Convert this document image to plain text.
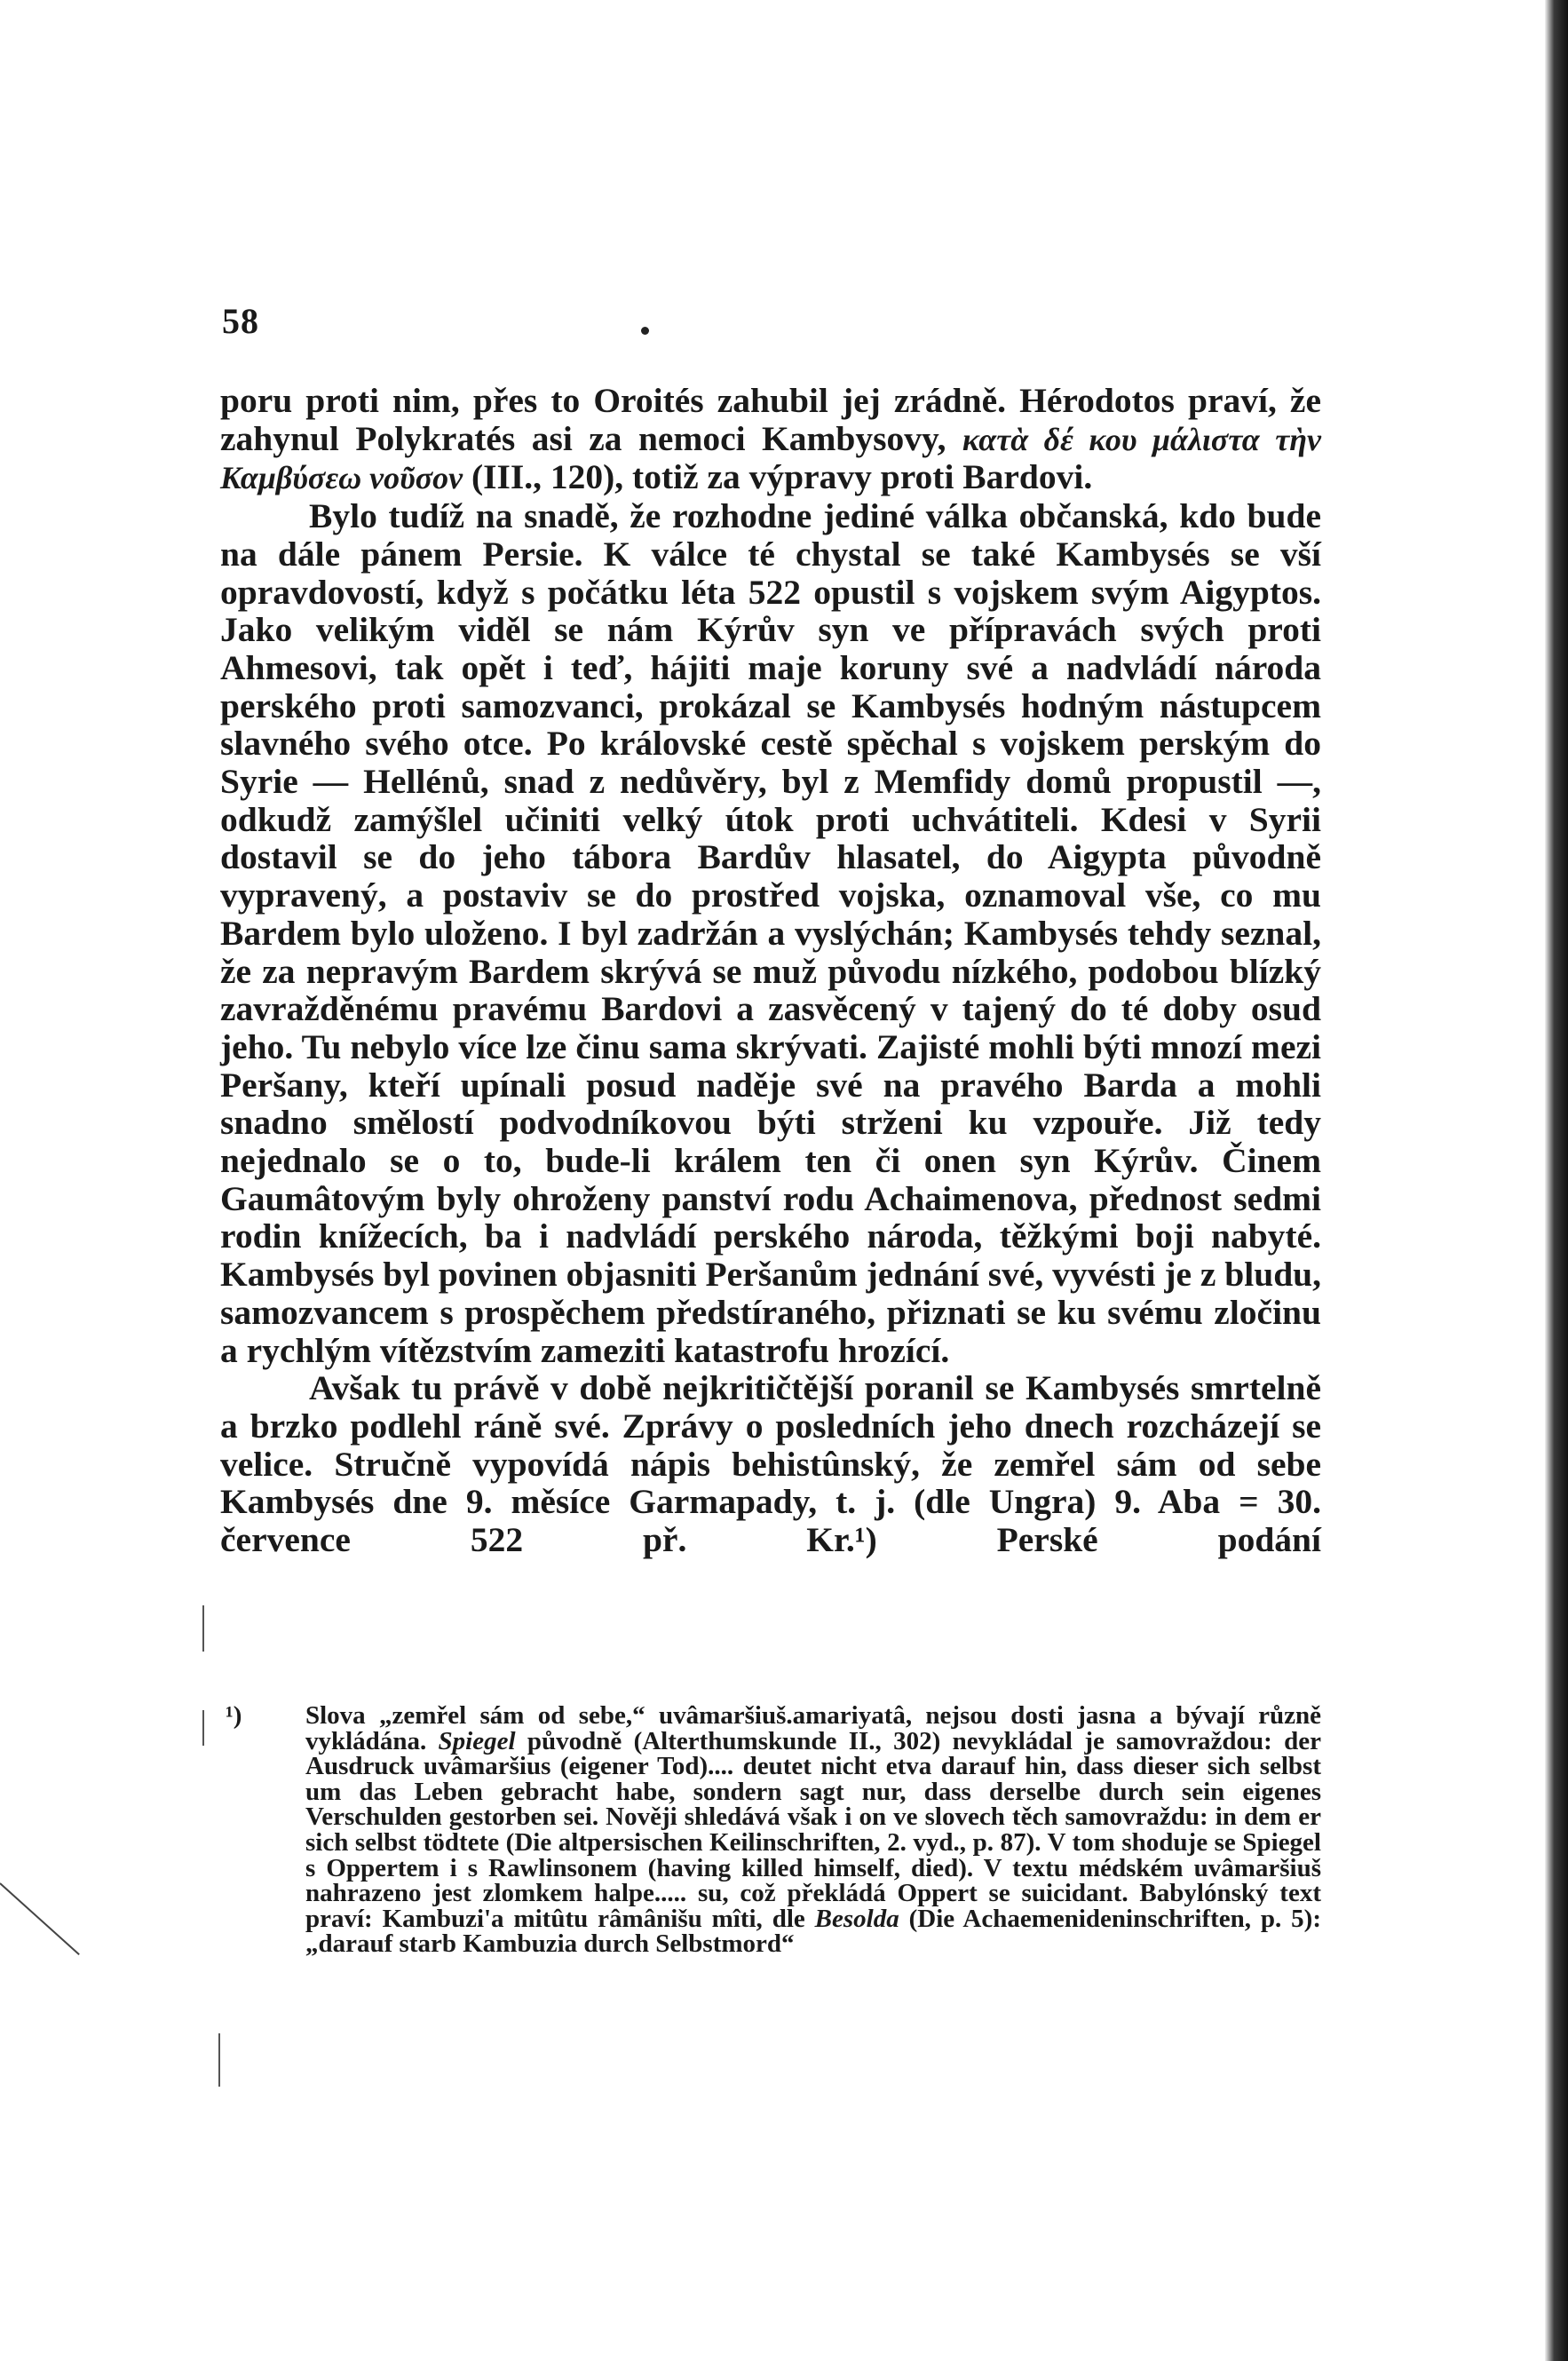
58

poru proti nim, přes to Oroités zahubil jej zrádně. Hérodotos praví, že zahynul Polykratés asi za nemoci Kambysovy, κατὰ δέ κου μάλιστα τὴν Καμβύσεω νοῦσον (III., 120), totiž za výpravy proti Bardovi.

Bylo tudíž na snadě, že rozhodne jediné válka občanská, kdo bude na dále pánem Persie. K válce té chystal se také Kambysés se vší opravdovostí, když s počátku léta 522 opustil s vojskem svým Aigyptos. Jako velikým viděl se nám Kýrův syn ve přípravách svých proti Ahmesovi, tak opět i teď, hájiti maje koruny své a nadvládí národa perského proti samozvanci, prokázal se Kambysés hodným nástupcem slavného svého otce. Po královské cestě spěchal s vojskem perským do Syrie — Hellénů, snad z nedůvěry, byl z Memfidy domů propustil —, odkudž zamýšlel učiniti velký útok proti uchvátiteli. Kdesi v Syrii dostavil se do jeho tábora Bardův hlasatel, do Aigypta původně vypravený, a postaviv se do prostřed vojska, oznamoval vše, co mu Bardem bylo uloženo. I byl zadržán a vyslýchán; Kambysés tehdy seznal, že za nepravým Bardem skrývá se muž původu nízkého, podobou blízký zavražděnému pravému Bardovi a zasvěcený v tajený do té doby osud jeho. Tu nebylo více lze činu sama skrývati. Zajisté mohli býti mnozí mezi Peršany, kteří upínali posud naděje své na pravého Barda a mohli snadno smělostí podvodníkovou býti strženi ku vzpouře. Již tedy nejednalo se o to, bude-li králem ten či onen syn Kýrův. Činem Gaumâtovým byly ohroženy panství rodu Achaimenova, přednost sedmi rodin knížecích, ba i nadvládí perského národa, těžkými boji nabyté. Kambysés byl povinen objasniti Peršanům jednání své, vyvésti je z bludu, samozvancem s prospěchem předstíraného, přiznati se ku svému zločinu a rychlým vítězstvím zameziti katastrofu hrozící.

Avšak tu právě v době nejkritičtější poranil se Kambysés smrtelně a brzko podlehl ráně své. Zprávy o posledních jeho dnech rozcházejí se velice. Stručně vypovídá nápis behistûnský, že zemřel sám od sebe Kambysés dne 9. měsíce Garmapady, t. j. (dle Ungra) 9. Aba = 30. července 522 př. Kr.¹) Perské podání

¹) Slova „zemřel sám od sebe,“ uvâmaršiuš.amariyatâ, nejsou dosti jasna a bývají různě vykládána. Spiegel původně (Alterthumskunde II., 302) nevykládal je samovraždou: der Ausdruck uvâmaršius (eigener Tod).... deutet nicht etva darauf hin, dass dieser sich selbst um das Leben gebracht habe, sondern sagt nur, dass derselbe durch sein eigenes Verschulden gestorben sei. Nověji shledává však i on ve slovech těch samovraždu: in dem er sich selbst tödtete (Die altpersischen Keilinschriften, 2. vyd., p. 87). V tom shoduje se Spiegel s Oppertem i s Rawlinsonem (having killed himself, died). V textu médském uvâmaršiuš nahrazeno jest zlomkem halpe..... su, což překládá Oppert se suicidant. Babylónský text praví: Kambuzi'a mitûtu râmânišu mîti, dle Besolda (Die Achaemenideninschriften, p. 5): „darauf starb Kambuzia durch Selbstmord“
